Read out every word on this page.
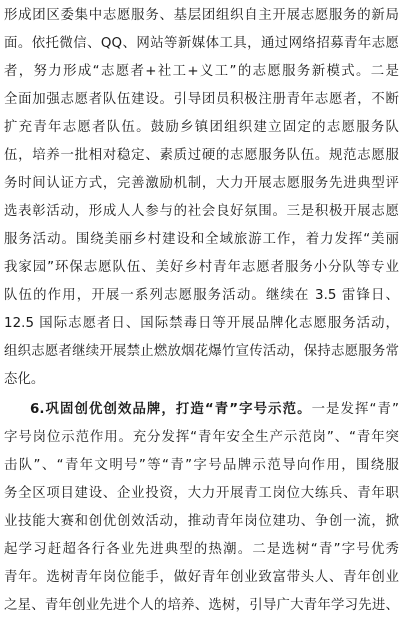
形成团区委集中志愿服务、基层团组织自主开展志愿服务的新局
面。依托微信、QQ、网站等新媒体工具，通过网络招募青年志愿
者，努力形成“志愿者+社工+义工”的志愿服务新模式。二是
全面加强志愿者队伍建设。引导团员积极注册青年志愿者，不断
扩充青年志愿者队伍。鼓励乡镇团组织建立固定的志愿服务队
伍，培养一批相对稳定、素质过硬的志愿服务队伍。规范志愿服
务时间认证方式，完善激励机制，大力开展志愿服务先进典型评
选表彰活动，形成人人参与的社会良好氛围。三是积极开展志愿
服务活动。围绕美丽乡村建设和全域旅游工作，着力发挥“美丽
我家园”环保志愿队伍、美好乡村青年志愿者服务小分队等专业
队伍的作用，开展一系列志愿服务活动。继续在 3.5 雷锋日、
12.5 国际志愿者日、国际禁毒日等开展品牌化志愿服务活动，
组织志愿者继续开展禁止燃放烟花爆竹宣传活动，保持志愿服务常
态化。
6.巩固创优创效品牌，打造“青”字号示范。一是发挥“青”
字号岗位示范作用。充分发挥“青年安全生产示范岗”、“青年突
击队”、“青年文明号”等“青”字号品牌示范导向作用，围绕服
务全区项目建设、企业投资，大力开展青工岗位大练兵、青年职
业技能大赛和创优创效活动，推动青年岗位建功、争创一流，掀
起学习赶超各行各业先进典型的热潮。二是选树“青”字号优秀
青年。选树青年岗位能手，做好青年创业致富带头人、青年创业
之星、青年创业先进个人的培养、选树，引导广大青年学习先进、
